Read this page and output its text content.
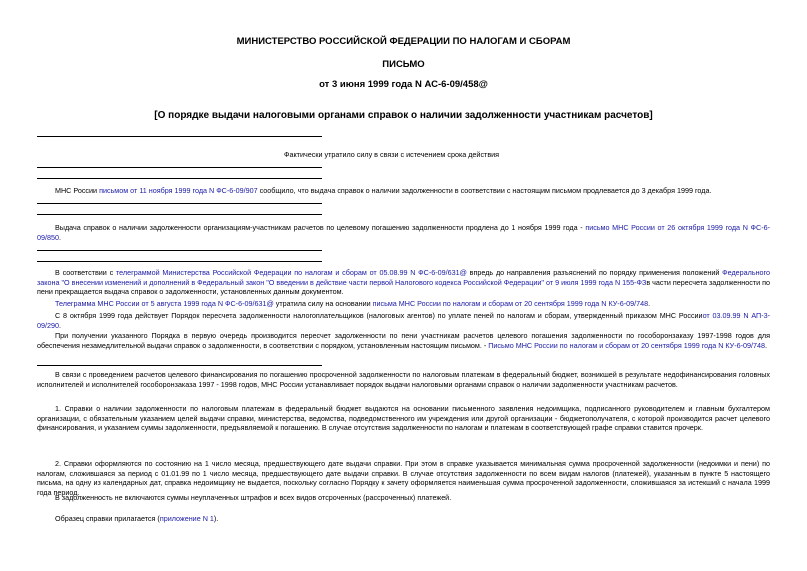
МИНИСТЕРСТВО РОССИЙСКОЙ ФЕДЕРАЦИИ ПО НАЛОГАМ И СБОРАМ
ПИСЬМО
от 3 июня 1999 года N АС-6-09/458@
[О порядке выдачи налоговыми органами справок о наличии задолженности участникам расчетов]
Фактически утратило силу в связи с истечением срока действия
МНС России письмом от 11 ноября 1999 года N ФС-6-09/907 сообщило, что выдача справок о наличии задолженности в соответствии с настоящим письмом продлевается до 3 декабря 1999 года.
Выдача справок о наличии задолженности организациям-участникам расчетов по целевому погашению задолженности продлена до 1 ноября 1999 года - письмо МНС России от 26 октября 1999 года N ФС-6-09/850.
В соответствии с телеграммой Министерства Российской Федерации по налогам и сборам от 05.08.99 N ФС-6-09/631@ впредь до направления разъяснений по порядку применения положений Федерального закона "О внесении изменений и дополнений в Федеральный закон "О введении в действие части первой Налогового кодекса Российской Федерации" от 9 июля 1999 года N 155-ФЗв части пересчета задолженности по пени прекращается выдача справок о задолженности, установленных данным документом.
Телеграмма МНС России от 5 августа 1999 года N ФС-6-09/631@ утратила силу на основании письма МНС России по налогам и сборам от 20 сентября 1999 года N КУ-6-09/748.
С 8 октября 1999 года действует Порядок пересчета задолженности налогоплательщиков (налоговых агентов) по уплате пеней по налогам и сборам, утвержденный приказом МНС Россииот 03.09.99 N АП-3-09/290.
При получении указанного Порядка в первую очередь производится пересчет задолженности по пени участникам расчетов целевого погашения задолженности по гособоронзаказу 1997-1998 годов для обеспечения незамедлительной выдачи справок о задолженности, в соответствии с порядком, установленным настоящим письмом. - Письмо МНС России по налогам и сборам от 20 сентября 1999 года N КУ-6-09/748.
В связи с проведением расчетов целевого финансирования по погашению просроченной задолженности по налоговым платежам в федеральный бюджет, возникшей в результате недофинансирования головных исполнителей и исполнителей гособоронзаказа 1997 - 1998 годов, МНС России устанавливает порядок выдачи налоговыми органами справок о наличии задолженности участникам расчетов.
1. Справки о наличии задолженности по налоговым платежам в федеральный бюджет выдаются на основании письменного заявления недоимщика, подписанного руководителем и главным бухгалтером организации, с обязательным указанием целей выдачи справки, министерства, ведомства, подведомственного им учреждения или другой организации - бюджетополучателя, с которой производится расчет целевого финансирования, и указанием суммы задолженности, предъявляемой к погашению. В случае отсутствия задолженности по налогам и платежам в соответствующей графе справки ставится прочерк.
2. Справки оформляются по состоянию на 1 число месяца, предшествующего дате выдачи справки. При этом в справке указывается минимальная сумма просроченной задолженности (недоимки и пени) по налогам, сложившаяся за период с 01.01.99 по 1 число месяца, предшествующего дате выдачи справки. В случае отсутствия задолженности по всем видам налогов (платежей), указанным в пункте 5 настоящего письма, на одну из календарных дат, справка недоимщику не выдается, поскольку согласно Порядку к зачету оформляется наименьшая сумма просроченной задолженности, сложившаяся за истекший с начала 1999 года период.
В задолженность не включаются суммы неуплаченных штрафов и всех видов отсроченных (рассроченных) платежей.
Образец справки прилагается (приложение N 1).
